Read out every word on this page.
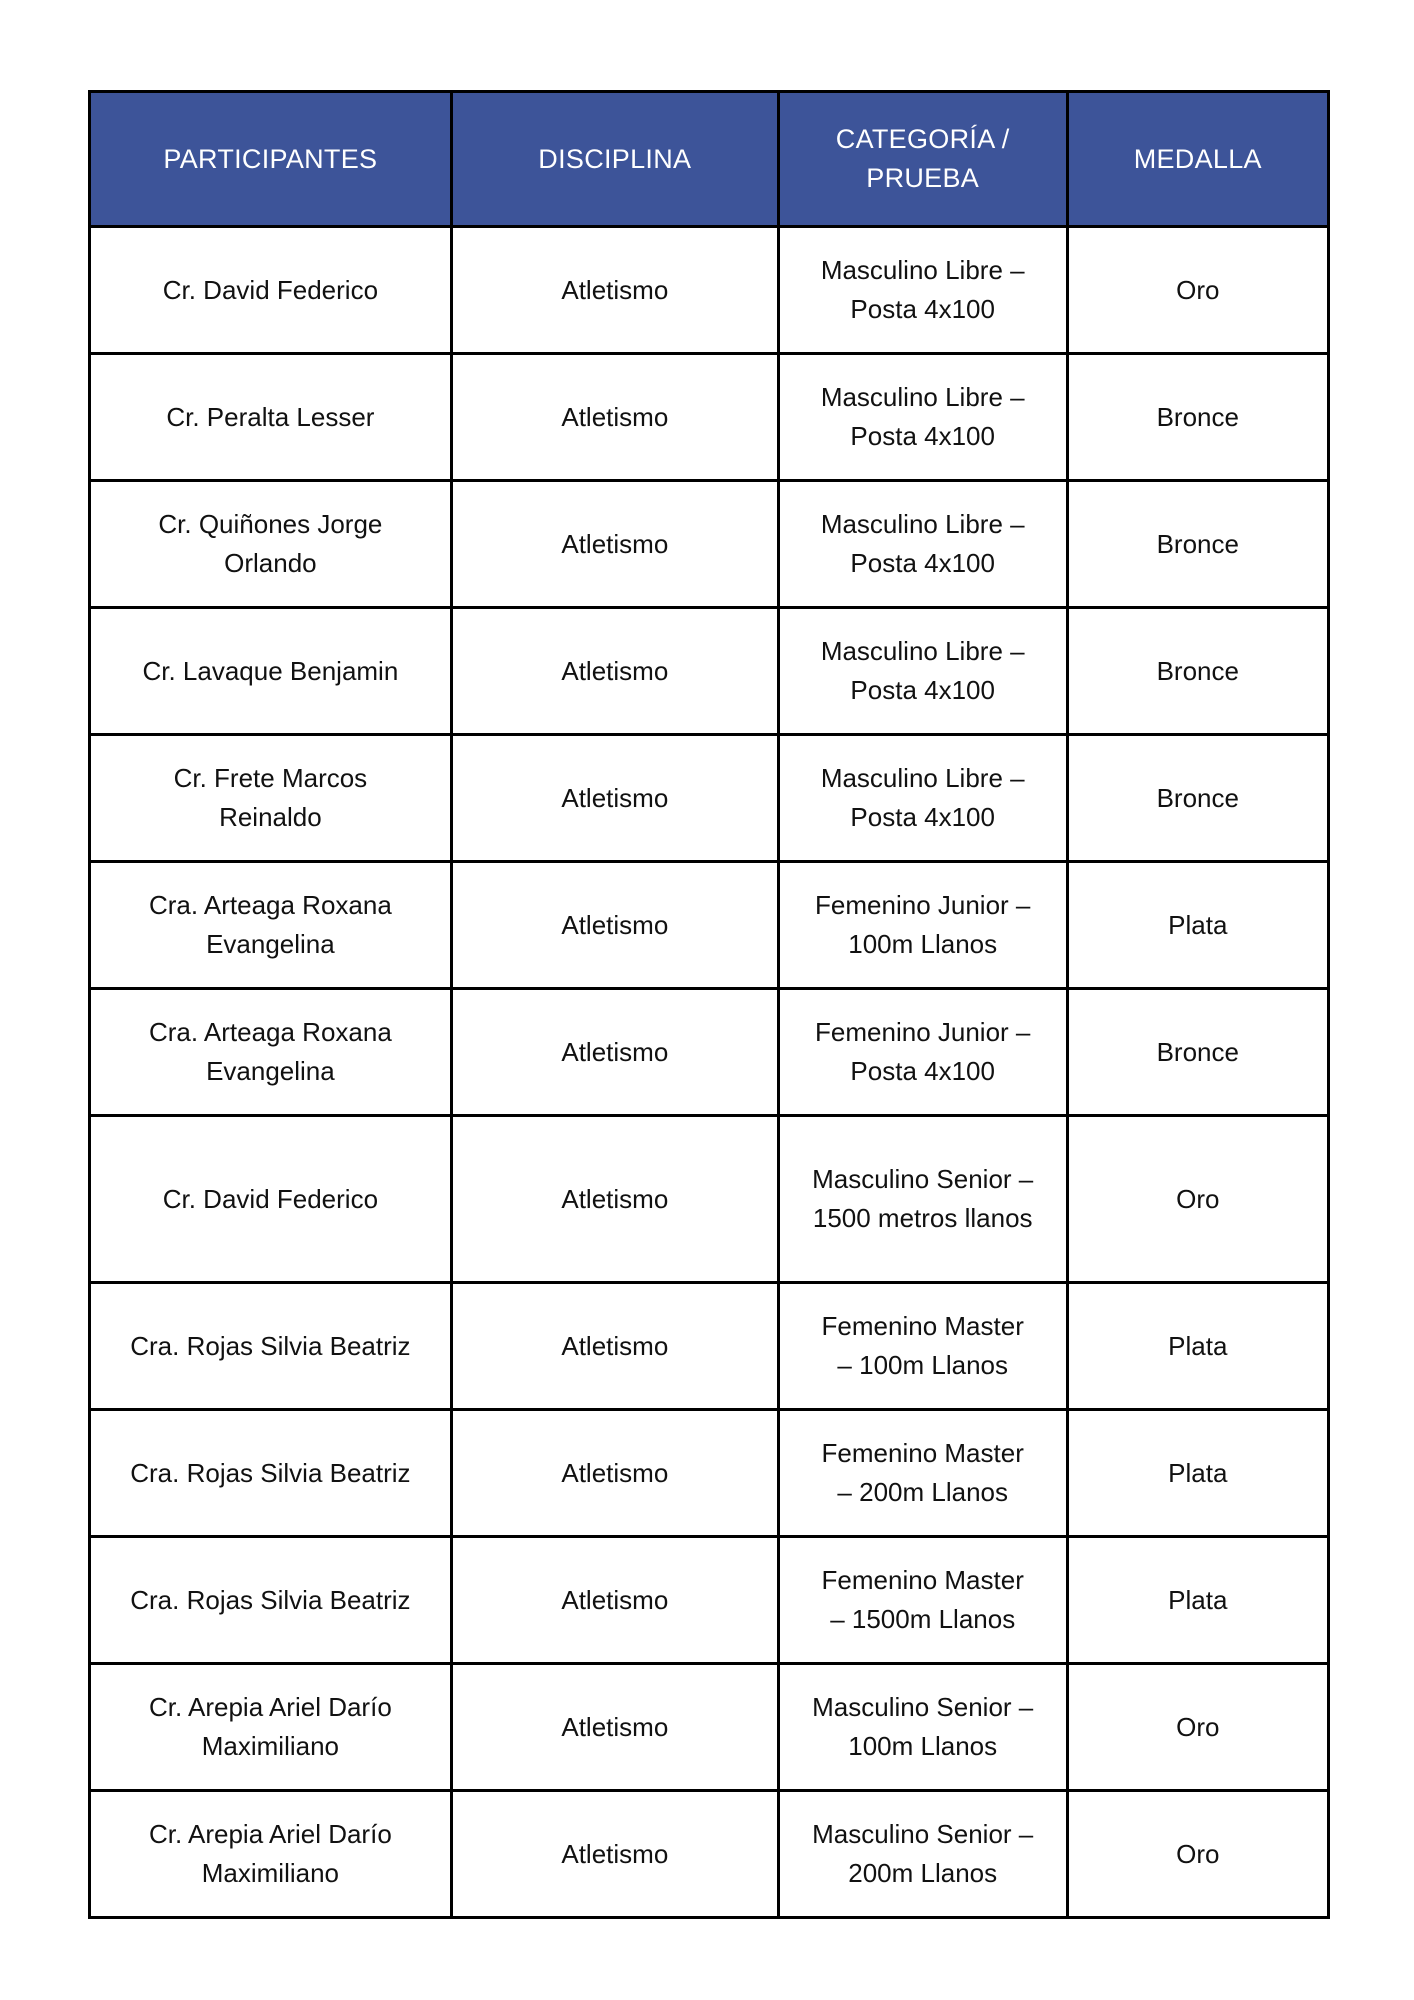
PARTICIPANTES	DISCIPLINA	CATEGORÍA / PRUEBA	MEDALLA
Cr. David Federico	Atletismo	Masculino Libre – Posta 4x100	Oro
Cr. Peralta Lesser	Atletismo	Masculino Libre – Posta 4x100	Bronce
Cr. Quiñones Jorge Orlando	Atletismo	Masculino Libre – Posta 4x100	Bronce
Cr. Lavaque Benjamin	Atletismo	Masculino Libre – Posta 4x100	Bronce
Cr. Frete Marcos Reinaldo	Atletismo	Masculino Libre – Posta 4x100	Bronce
Cra. Arteaga Roxana Evangelina	Atletismo	Femenino Junior – 100m Llanos	Plata
Cra. Arteaga Roxana Evangelina	Atletismo	Femenino Junior – Posta 4x100	Bronce
Cr. David Federico	Atletismo	Masculino Senior – 1500 metros llanos	Oro
Cra. Rojas Silvia Beatriz	Atletismo	Femenino Master – 100m Llanos	Plata
Cra. Rojas Silvia Beatriz	Atletismo	Femenino Master – 200m Llanos	Plata
Cra. Rojas Silvia Beatriz	Atletismo	Femenino Master – 1500m Llanos	Plata
Cr. Arepia Ariel Darío Maximiliano	Atletismo	Masculino Senior – 100m Llanos	Oro
Cr. Arepia Ariel Darío Maximiliano	Atletismo	Masculino Senior – 200m Llanos	Oro
